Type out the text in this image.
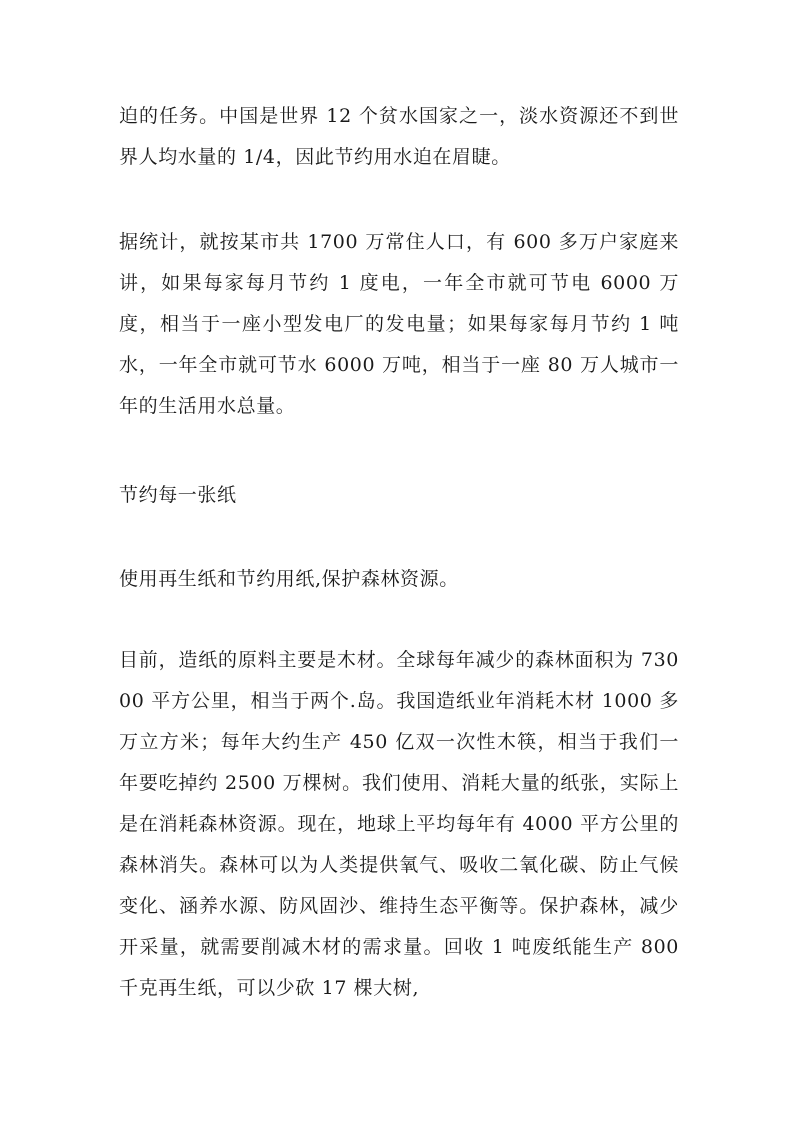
迫的任务。中国是世界 12 个贫水国家之一，淡水资源还不到世界人均水量的 1/4，因此节约用水迫在眉睫。

据统计，就按某市共 1700 万常住人口，有 600 多万户家庭来讲，如果每家每月节约 1 度电，一年全市就可节电 6000 万度，相当于一座小型发电厂的发电量；如果每家每月节约 1 吨水，一年全市就可节水 6000 万吨，相当于一座 80 万人城市一年的生活用水总量。

节约每一张纸

使用再生纸和节约用纸,保护森林资源。

目前，造纸的原料主要是木材。全球每年减少的森林面积为 73000 平方公里，相当于两个.岛。我国造纸业年消耗木材 1000 多万立方米；每年大约生产 450 亿双一次性木筷，相当于我们一年要吃掉约 2500 万棵树。我们使用、消耗大量的纸张，实际上是在消耗森林资源。现在，地球上平均每年有 4000 平方公里的森林消失。森林可以为人类提供氧气、吸收二氧化碳、防止气候变化、涵养水源、防风固沙、维持生态平衡等。保护森林，减少开采量，就需要削减木材的需求量。回收 1 吨废纸能生产 800 千克再生纸，可以少砍 17 棵大树,
